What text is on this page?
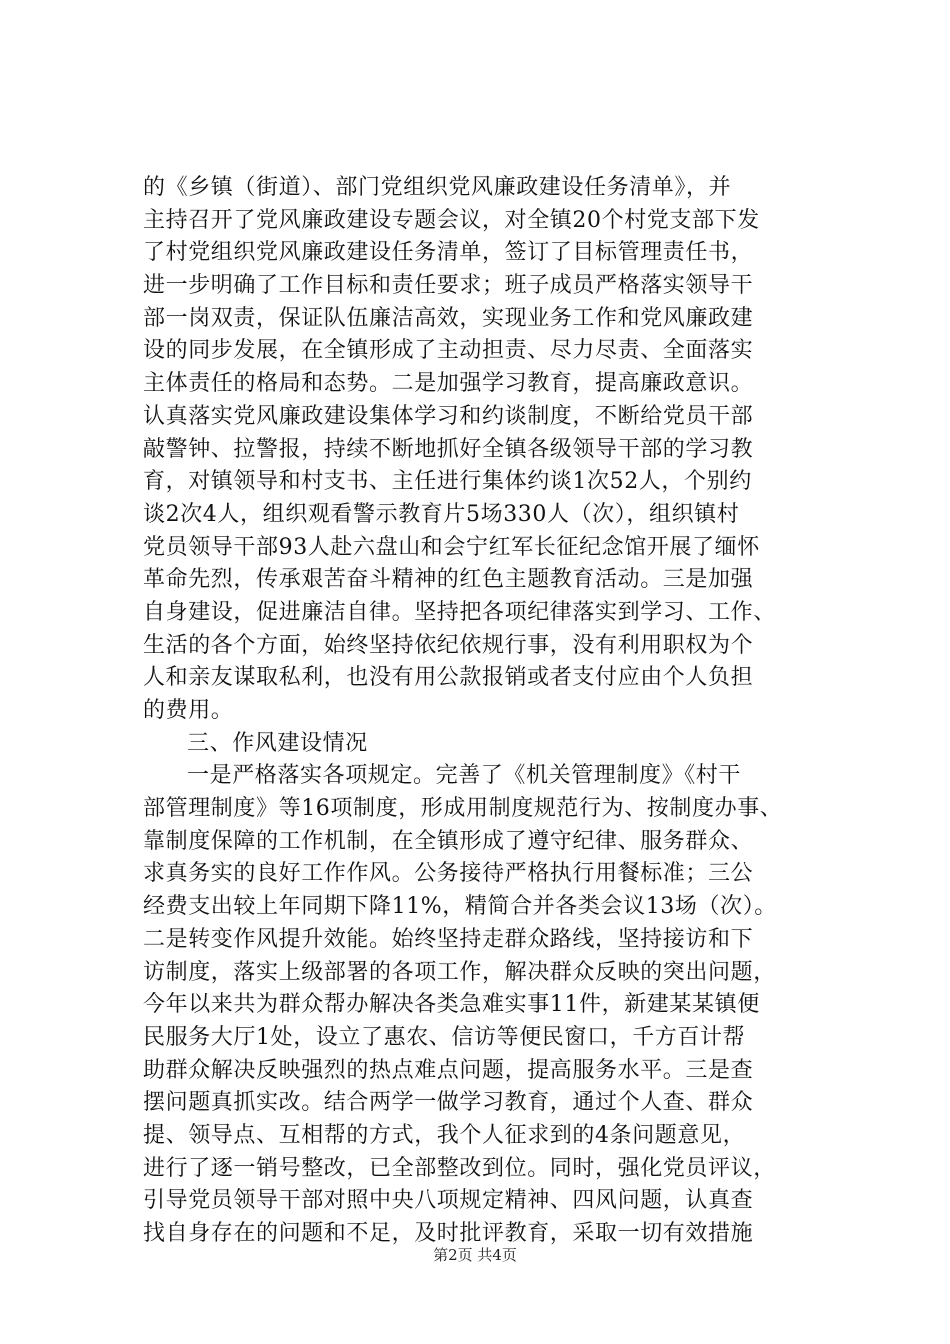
的《乡镇（街道）、部门党组织党风廉政建设任务清单》，并
主持召开了党风廉政建设专题会议，对全镇20个村党支部下发
了村党组织党风廉政建设任务清单，签订了目标管理责任书，
进一步明确了工作目标和责任要求；班子成员严格落实领导干
部一岗双责，保证队伍廉洁高效，实现业务工作和党风廉政建
设的同步发展，在全镇形成了主动担责、尽力尽责、全面落实
主体责任的格局和态势。二是加强学习教育，提高廉政意识。
认真落实党风廉政建设集体学习和约谈制度，不断给党员干部
敲警钟、拉警报，持续不断地抓好全镇各级领导干部的学习教
育，对镇领导和村支书、主任进行集体约谈1次52人，个别约
谈2次4人，组织观看警示教育片5场330人（次），组织镇村
党员领导干部93人赴六盘山和会宁红军长征纪念馆开展了缅怀
革命先烈，传承艰苦奋斗精神的红色主题教育活动。三是加强
自身建设，促进廉洁自律。坚持把各项纪律落实到学习、工作、
生活的各个方面，始终坚持依纪依规行事，没有利用职权为个
人和亲友谋取私利，也没有用公款报销或者支付应由个人负担
的费用。
三、作风建设情况
一是严格落实各项规定。完善了《机关管理制度》《村干
部管理制度》等16项制度，形成用制度规范行为、按制度办事、
靠制度保障的工作机制，在全镇形成了遵守纪律、服务群众、
求真务实的良好工作作风。公务接待严格执行用餐标准；三公
经费支出较上年同期下降11%，精简合并各类会议13场（次）。
二是转变作风提升效能。始终坚持走群众路线，坚持接访和下
访制度，落实上级部署的各项工作，解决群众反映的突出问题，
今年以来共为群众帮办解决各类急难实事11件，新建某某镇便
民服务大厅1处，设立了惠农、信访等便民窗口，千方百计帮
助群众解决反映强烈的热点难点问题，提高服务水平。三是查
摆问题真抓实改。结合两学一做学习教育，通过个人查、群众
提、领导点、互相帮的方式，我个人征求到的4条问题意见，
进行了逐一销号整改，已全部整改到位。同时，强化党员评议，
引导党员领导干部对照中央八项规定精神、四风问题，认真查
找自身存在的问题和不足，及时批评教育，采取一切有效措施
第2页 共4页
